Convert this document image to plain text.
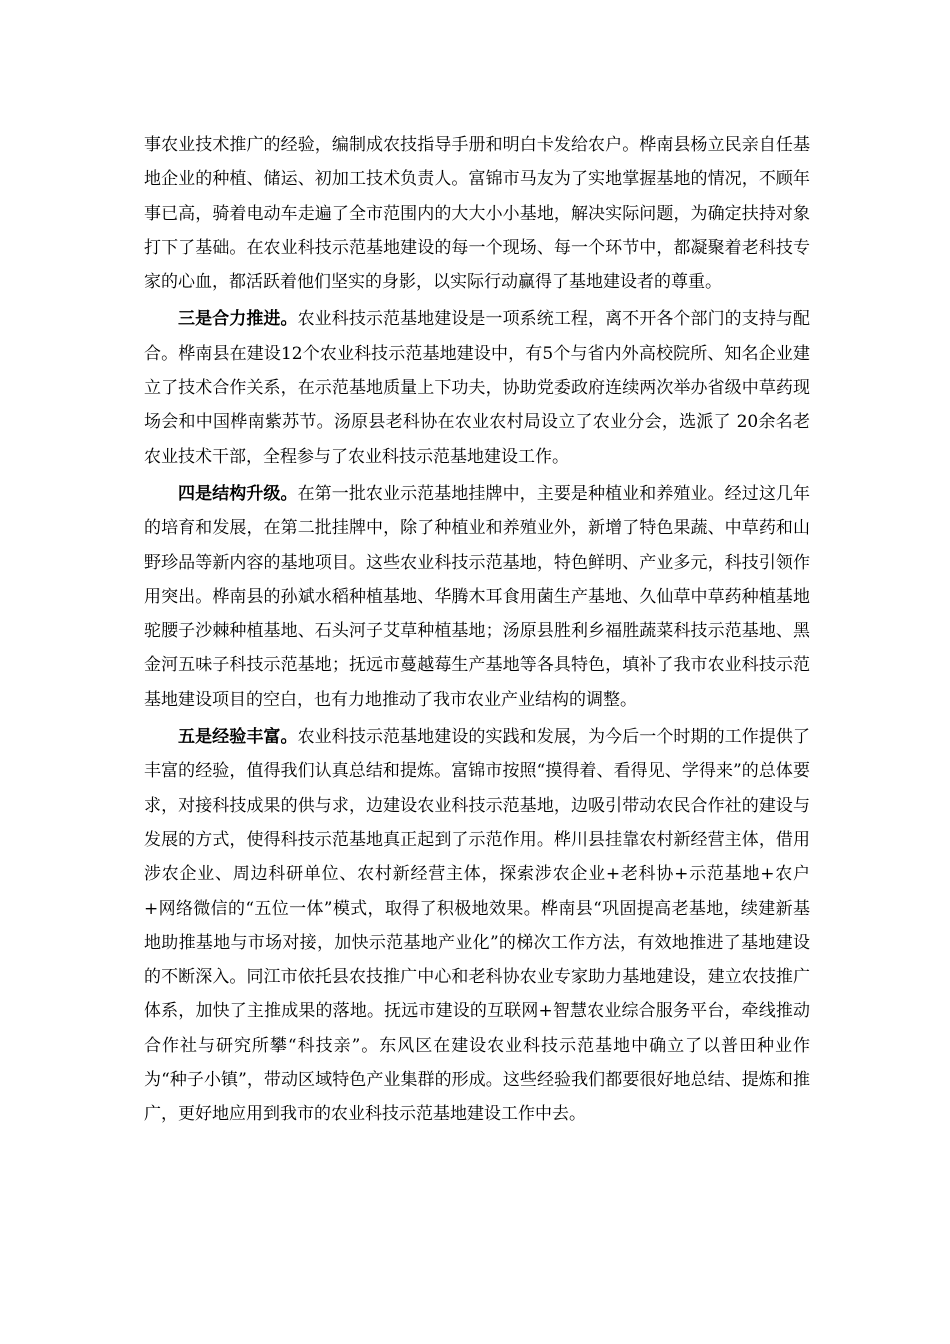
事农业技术推广的经验，编制成农技指导手册和明白卡发给农户。桦南县杨立民亲自任基地企业的种植、储运、初加工技术负责人。富锦市马友为了实地掌握基地的情况，不顾年事已高，骑着电动车走遍了全市范围内的大大小小基地，解决实际问题，为确定扶持对象打下了基础。在农业科技示范基地建设的每一个现场、每一个环节中，都凝聚着老科技专家的心血，都活跃着他们坚实的身影，以实际行动赢得了基地建设者的尊重。

三是合力推进。农业科技示范基地建设是一项系统工程，离不开各个部门的支持与配合。桦南县在建设12个农业科技示范基地建设中，有5个与省内外高校院所、知名企业建立了技术合作关系，在示范基地质量上下功夫，协助党委政府连续两次举办省级中草药现场会和中国桦南紫苏节。汤原县老科协在农业农村局设立了农业分会，选派了 20余名老农业技术干部，全程参与了农业科技示范基地建设工作。

四是结构升级。在第一批农业示范基地挂牌中，主要是种植业和养殖业。经过这几年的培育和发展，在第二批挂牌中，除了种植业和养殖业外，新增了特色果蔬、中草药和山野珍品等新内容的基地项目。这些农业科技示范基地，特色鲜明、产业多元，科技引领作用突出。桦南县的孙斌水稻种植基地、华腾木耳食用菌生产基地、久仙草中草药种植基地驼腰子沙棘种植基地、石头河子艾草种植基地；汤原县胜利乡福胜蔬菜科技示范基地、黑金河五味子科技示范基地；抚远市蔓越莓生产基地等各具特色，填补了我市农业科技示范基地建设项目的空白，也有力地推动了我市农业产业结构的调整。

五是经验丰富。农业科技示范基地建设的实践和发展，为今后一个时期的工作提供了丰富的经验，值得我们认真总结和提炼。富锦市按照“摸得着、看得见、学得来”的总体要求，对接科技成果的供与求，边建设农业科技示范基地，边吸引带动农民合作社的建设与发展的方式，使得科技示范基地真正起到了示范作用。桦川县挂靠农村新经营主体，借用涉农企业、周边科研单位、农村新经营主体，探索涉农企业+老科协+示范基地+农户+网络微信的“五位一体”模式，取得了积极地效果。桦南县“巩固提高老基地，续建新基地助推基地与市场对接，加快示范基地产业化”的梯次工作方法，有效地推进了基地建设的不断深入。同江市依托县农技推广中心和老科协农业专家助力基地建设，建立农技推广体系，加快了主推成果的落地。抚远市建设的互联网+智慧农业综合服务平台，牵线推动合作社与研究所攀“科技亲”。东风区在建设农业科技示范基地中确立了以普田种业作为“种子小镇”，带动区域特色产业集群的形成。这些经验我们都要很好地总结、提炼和推广，更好地应用到我市的农业科技示范基地建设工作中去。
